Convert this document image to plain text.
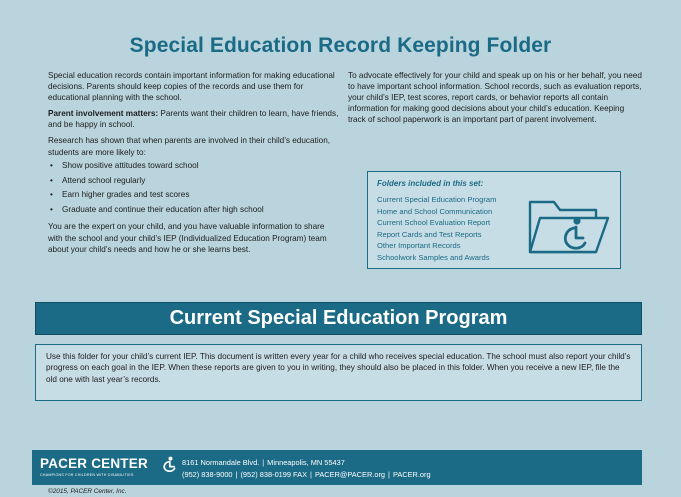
Special Education Record Keeping Folder

Special education records contain important information for making educational decisions. Parents should keep copies of the records and use them for educational planning with the school.

Parent involvement matters: Parents want their children to learn, have friends, and be happy in school.

Research has shown that when parents are involved in their child’s education, students are more likely to:

• Show positive attitudes toward school
• Attend school regularly
• Earn higher grades and test scores
• Graduate and continue their education after high school

You are the expert on your child, and you have valuable information to share with the school and your child’s IEP (Individualized Education Program) team about your child’s needs and how he or she learns best.

To advocate effectively for your child and speak up on his or her behalf, you need to have important school information. School records, such as evaluation reports, your child’s IEP, test scores, report cards, or behavior reports all contain information for making good decisions about your child’s education. Keeping track of school paperwork is an important part of parent involvement.

Folders included in this set:
Current Special Education Program
Home and School Communication
Current School Evaluation Report
Report Cards and Test Reports
Other Important Records
Schoolwork Samples and Awards
Current Special Education Program
Use this folder for your child’s current IEP. This document is written every year for a child who receives special education. The school must also report your child’s progress on each goal in the IEP. When these reports are given to you in writing, they should also be placed in this folder. When you receive a new IEP, file the old one with last year’s records.
PACER CENTER
CHAMPIONS FOR CHILDREN WITH DISABILITIES
8161 Normandale Blvd. | Minneapolis, MN 55437
(952) 838-9000 | (952) 838-0199 FAX | PACER@PACER.org | PACER.org
©2015, PACER Center, Inc.
